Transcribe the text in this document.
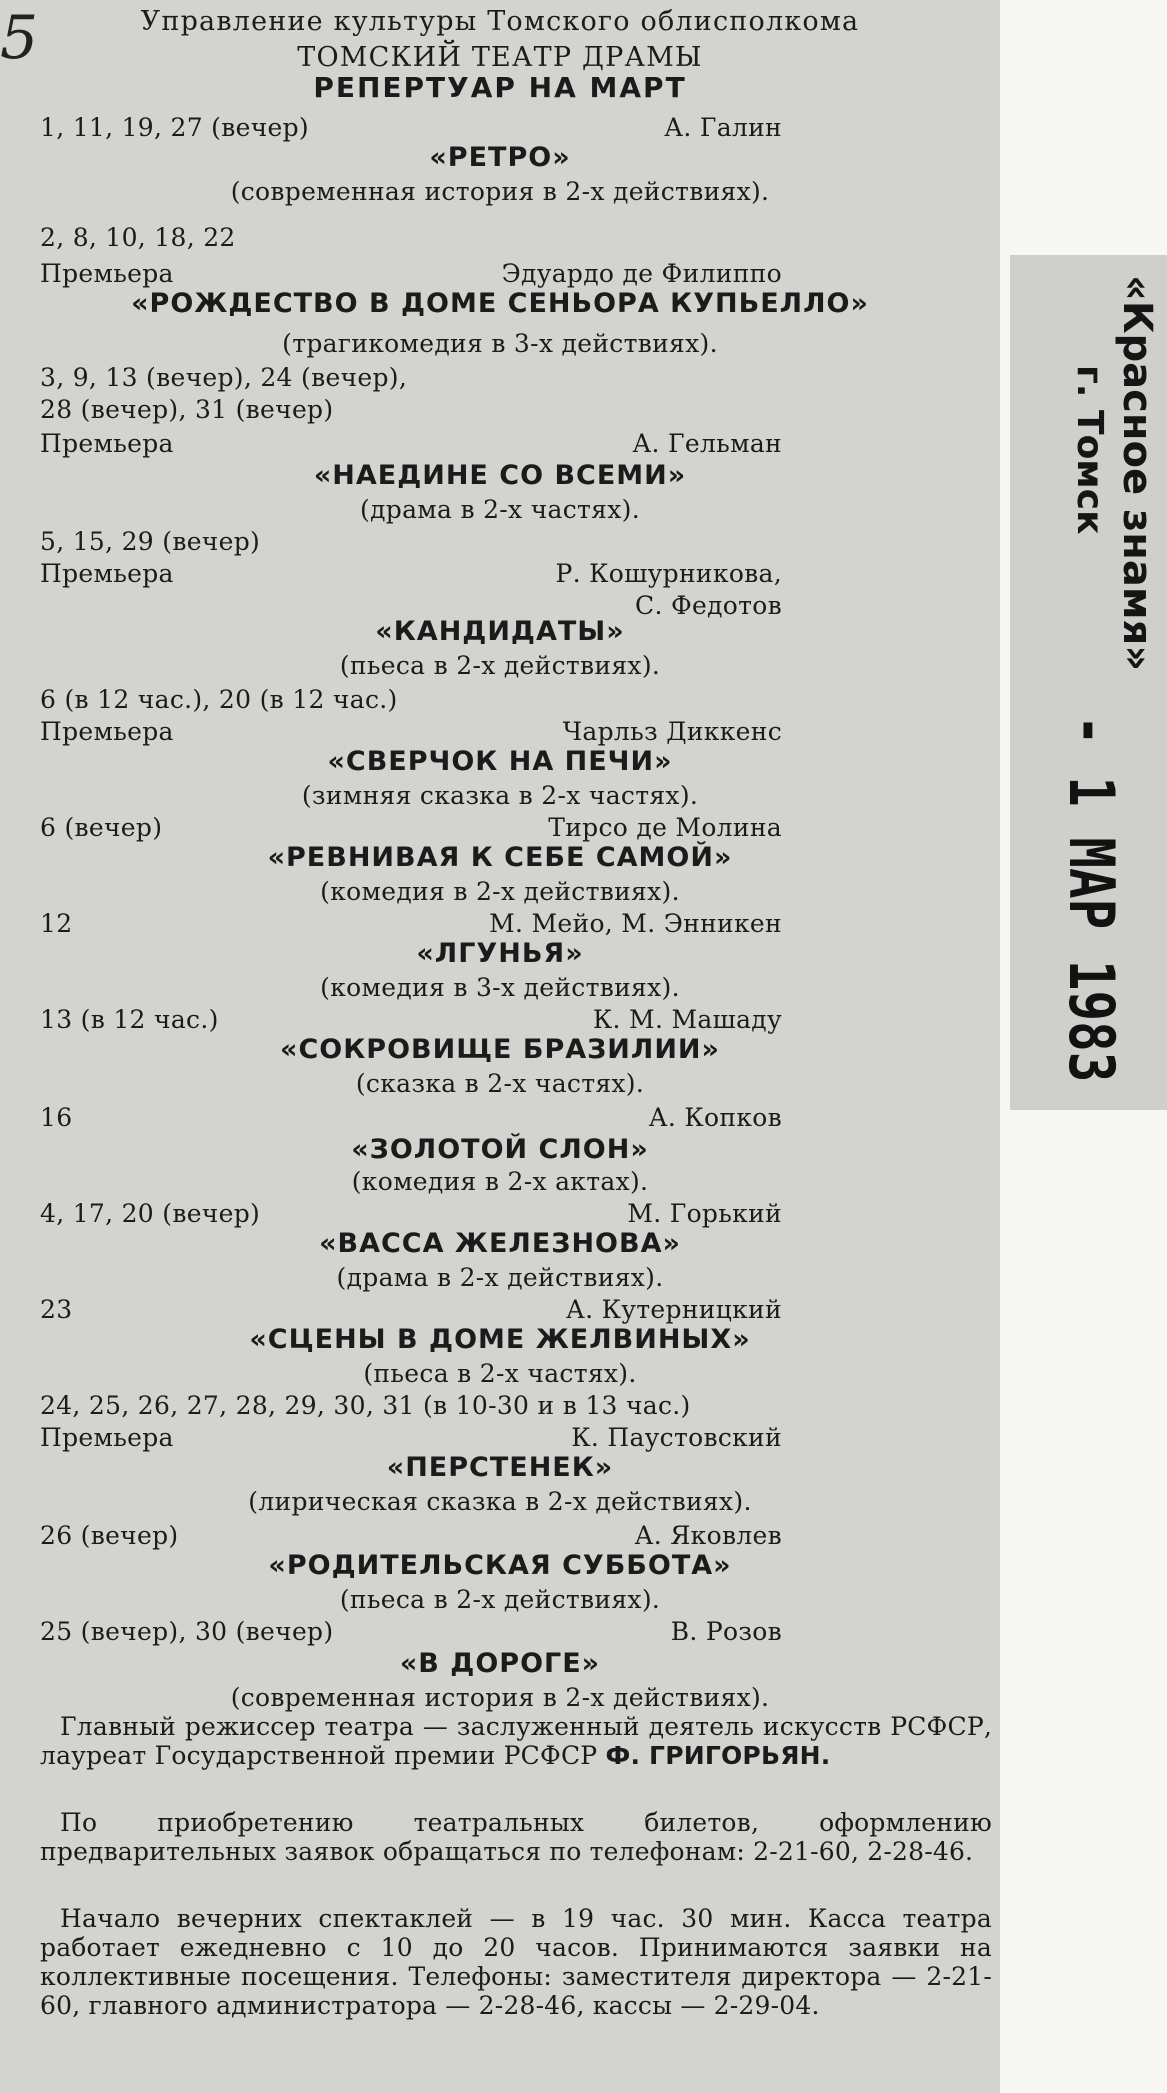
5	Управление культуры Томского облисполкома
ТОМСКИЙ ТЕАТР ДРАМЫ
РЕПЕРТУАР НА МАРТ
1, 11, 19, 27 (вечер)	А. Галин
«РЕТРО»
(современная история в 2-х действиях).
2, 8, 10, 18, 22
Премьера	Эдуардо де Филиппо
«РОЖДЕСТВО В ДОМЕ СЕНЬОРА КУПЬЕЛЛО»
(трагикомедия в 3-х действиях).
3, 9, 13 (вечер), 24 (вечер),
28 (вечер), 31 (вечер)
Премьера	А. Гельман
«НАЕДИНЕ СО ВСЕМИ»
(драма в 2-х частях).
5, 15, 29 (вечер)
Премьера	Р. Кошурникова,
С. Федотов
«КАНДИДАТЫ»
(пьеса в 2-х действиях).
6 (в 12 час.), 20 (в 12 час.)
Премьера	Чарльз Диккенс
«СВЕРЧОК НА ПЕЧИ»
(зимняя сказка в 2-х частях).
6 (вечер)	Тирсо де Молина
«РЕВНИВАЯ К СЕБЕ САМОЙ»
(комедия в 2-х действиях).
12	М. Мейо, М. Энникен
«ЛГУНЬЯ»
(комедия в 3-х действиях).
13 (в 12 час.)	К. М. Машаду
«СОКРОВИЩЕ БРАЗИЛИИ»
(сказка в 2-х частях).
16	А. Копков
«ЗОЛОТОЙ СЛОН»
(комедия в 2-х актах).
4, 17, 20 (вечер)	М. Горький
«ВАССА ЖЕЛЕЗНОВА»
(драма в 2-х действиях).
23	А. Кутерницкий
«СЦЕНЫ В ДОМЕ ЖЕЛВИНЫХ»
(пьеса в 2-х частях).
24, 25, 26, 27, 28, 29, 30, 31 (в 10-30 и в 13 час.)
Премьера	К. Паустовский
«ПЕРСТЕНЕК»
(лирическая сказка в 2-х действиях).
26 (вечер)	А. Яковлев
«РОДИТЕЛЬСКАЯ СУББОТА»
(пьеса в 2-х действиях).
25 (вечер), 30 (вечер)	В. Розов
«В ДОРОГЕ»
(современная история в 2-х действиях).
Главный режиссер театра — заслуженный деятель искусств РСФСР, лауреат Государственной премии РСФСР Ф. ГРИГОРЬЯН.
По приобретению театральных билетов, оформлению предварительных заявок обращаться по телефонам: 2-21-60, 2-28-46.
Начало вечерних спектаклей — в 19 час. 30 мин. Касса театра работает ежедневно с 10 до 20 часов. Принимаются заявки на коллективные посещения. Телефоны: заместителя директора — 2-21-60, главного администратора — 2-28-46, кассы — 2-29-04.
«Красное знамя»
г. Томск
- 1 МАР 1983
